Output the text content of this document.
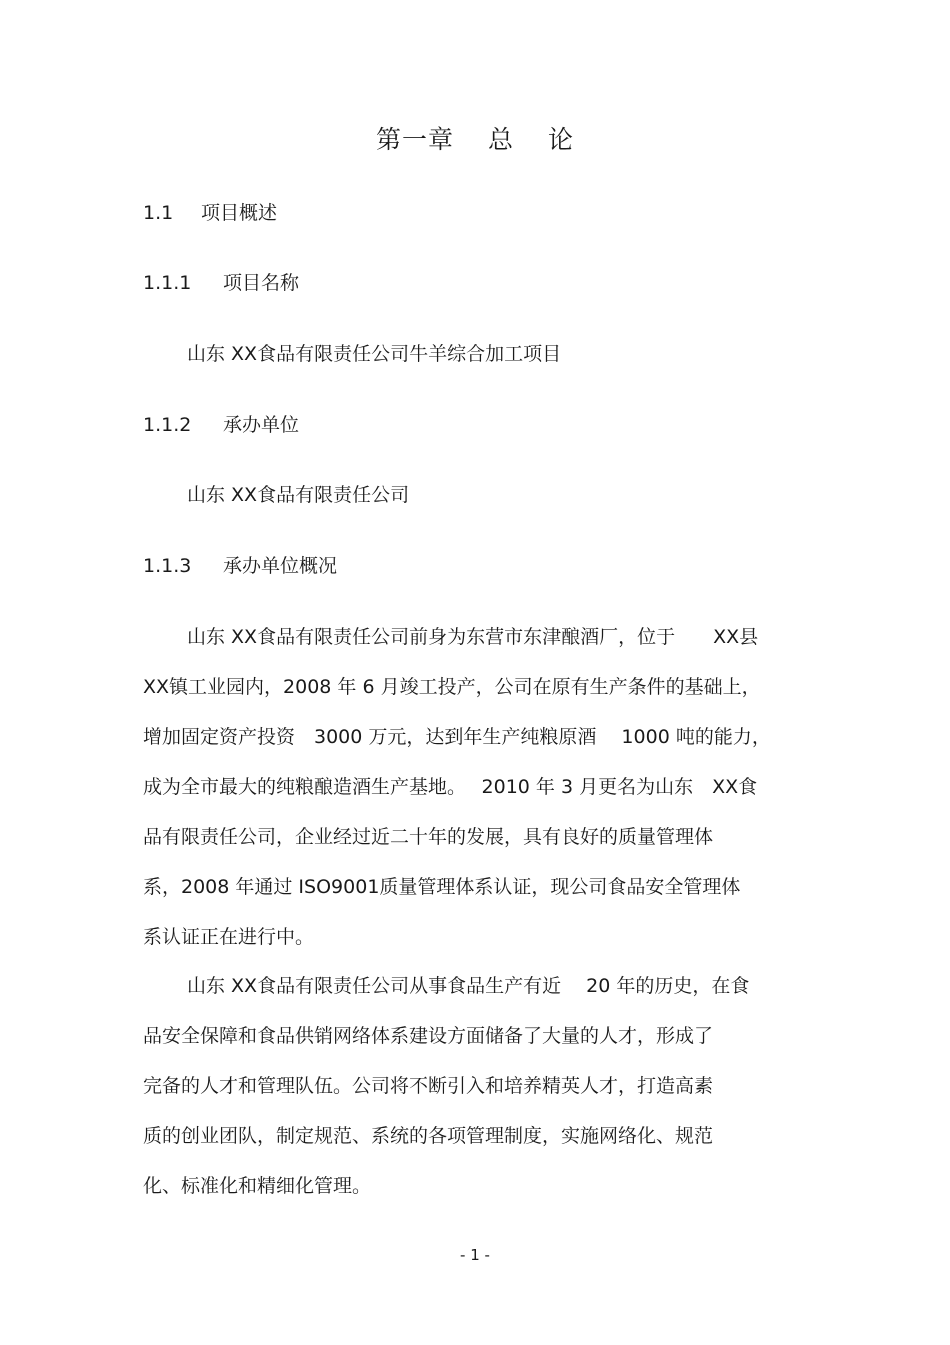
第一章 总 论
1.1 项目概述
1.1.1 项目名称
山东 XX食品有限责任公司牛羊综合加工项目
1.1.2 承办单位
山东 XX食品有限责任公司
1.1.3 承办单位概况
山东 XX食品有限责任公司前身为东营市东津酿酒厂，位于　　XX县
XX镇工业园内，2008 年 6 月竣工投产，公司在原有生产条件的基础上，
增加固定资产投资　3000 万元，达到年生产纯粮原酒　 1000 吨的能力，
成为全市最大的纯粮酿造酒生产基地。　 2010 年 3 月更名为山东　XX食
品有限责任公司，企业经过近二十年的发展，具有良好的质量管理体
系，2008 年通过 ISO9001质量管理体系认证，现公司食品安全管理体
系认证正在进行中。
山东 XX食品有限责任公司从事食品生产有近　 20 年的历史，在食
品安全保障和食品供销网络体系建设方面储备了大量的人才，形成了
完备的人才和管理队伍。公司将不断引入和培养精英人才，打造高素
质的创业团队，制定规范、系统的各项管理制度，实施网络化、规范
化、标准化和精细化管理。
- 1 -
